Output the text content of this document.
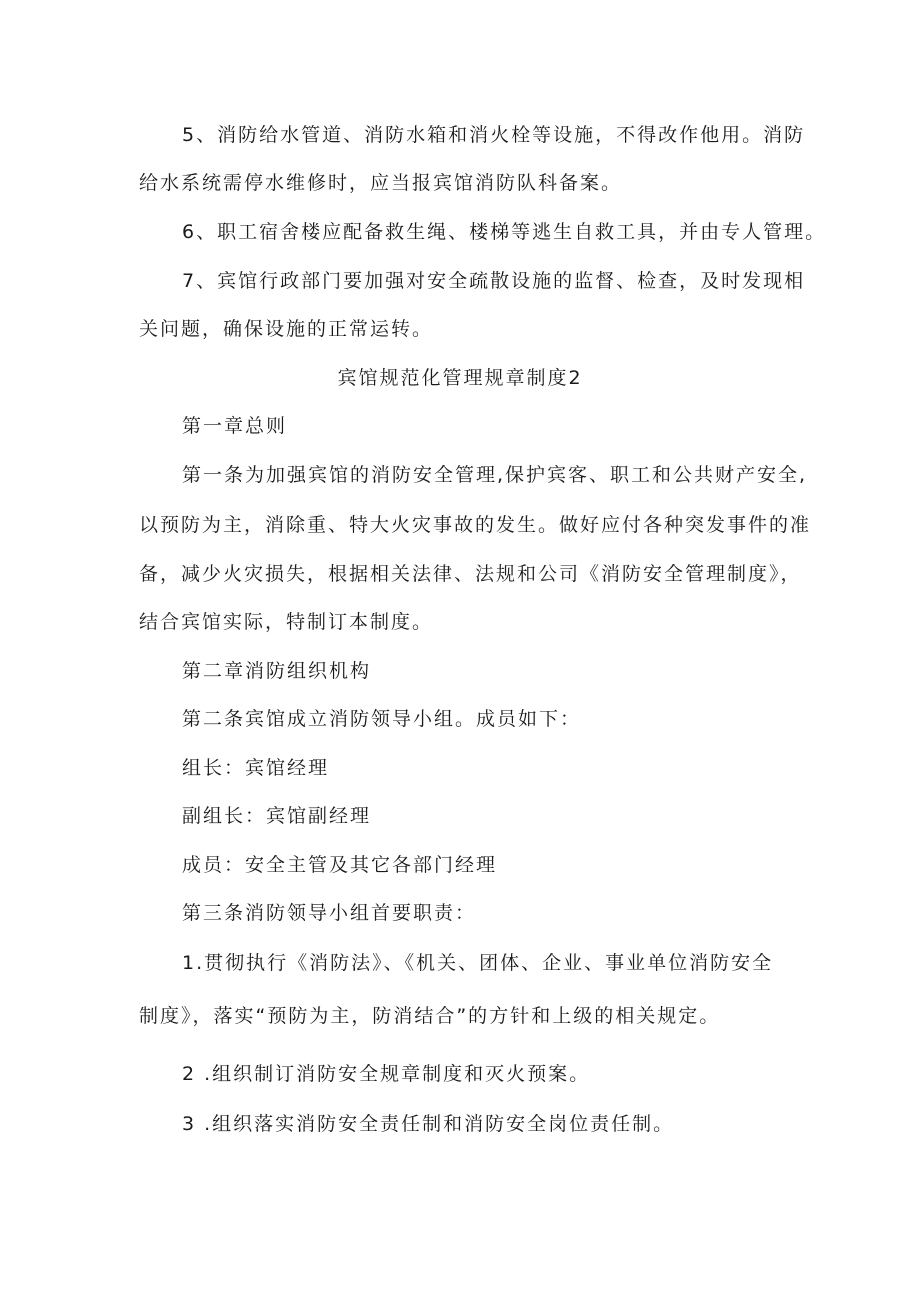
5、消防给水管道、消防水箱和消火栓等设施，不得改作他用。消防

给水系统需停水维修时，应当报宾馆消防队科备案。

6、职工宿舍楼应配备救生绳、楼梯等逃生自救工具，并由专人管理。

7、宾馆行政部门要加强对安全疏散设施的监督、检查，及时发现相

关问题，确保设施的正常运转。

宾馆规范化管理规章制度2

第一章总则

第一条为加强宾馆的消防安全管理,保护宾客、职工和公共财产安全,

以预防为主，消除重、特大火灾事故的发生。做好应付各种突发事件的准

备，减少火灾损失，根据相关法律、法规和公司《消防安全管理制度》，

结合宾馆实际，特制订本制度。

第二章消防组织机构

第二条宾馆成立消防领导小组。成员如下：

组长：宾馆经理

副组长：宾馆副经理

成员：安全主管及其它各部门经理

第三条消防领导小组首要职责：

1.贯彻执行《消防法》、《机关、团体、企业、事业单位消防安全

制度》，落实“预防为主，防消结合”的方针和上级的相关规定。

2 .组织制订消防安全规章制度和灭火预案。

3 .组织落实消防安全责任制和消防安全岗位责任制。
